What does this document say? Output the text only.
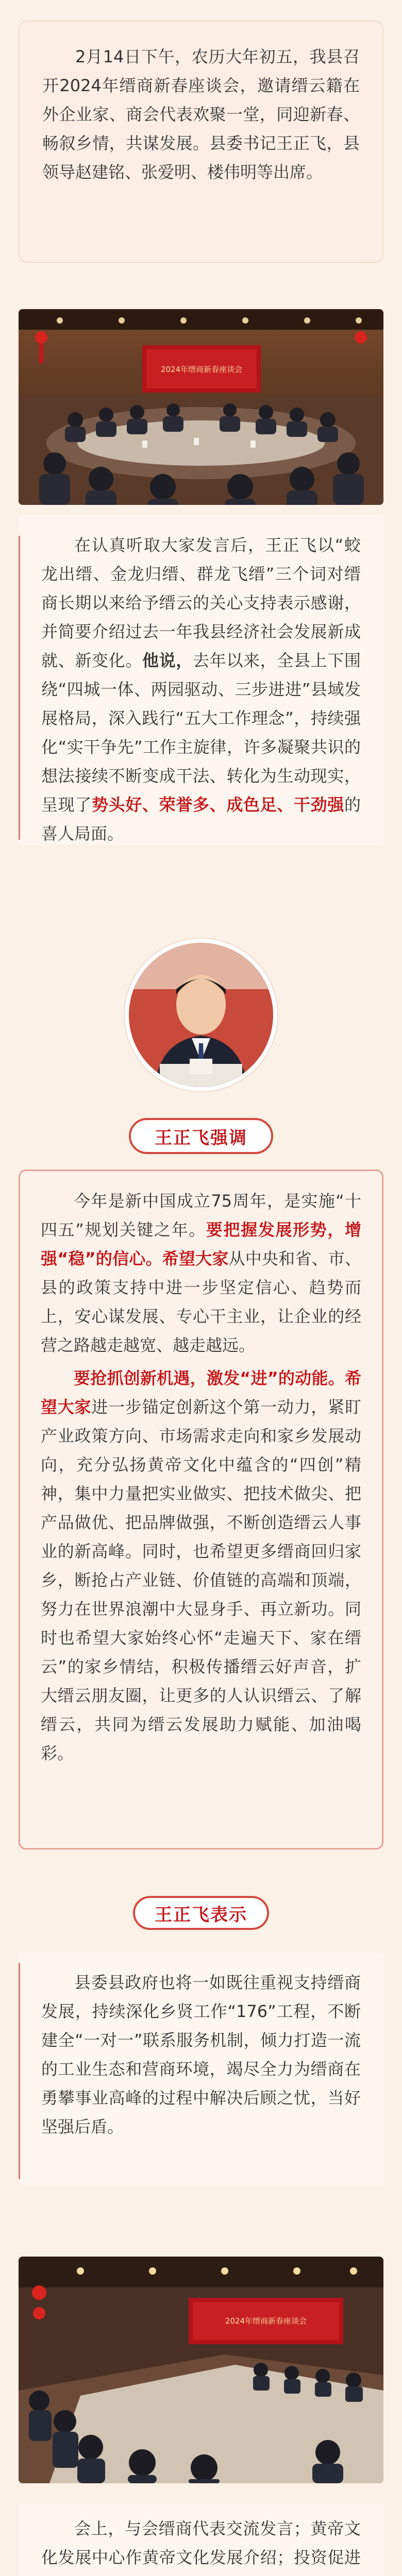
2月14日下午，农历大年初五，我县召开2024年缙商新春座谈会，邀请缙云籍在外企业家、商会代表欢聚一堂，同迎新春、畅叙乡情，共谋发展。县委书记王正飞，县领导赵建铭、张爱明、楼伟明等出席。
2024年缙商新春座谈会
在认真听取大家发言后，王正飞以“蛟龙出缙、金龙归缙、群龙飞缙”三个词对缙商长期以来给予缙云的关心支持表示感谢，并简要介绍过去一年我县经济社会发展新成就、新变化。他说，去年以来，全县上下围绕“四城一体、两园驱动、三步进进”县域发展格局，深入践行“五大工作理念”，持续强化“实干争先”工作主旋律，许多凝聚共识的想法接续不断变成干法、转化为生动现实，呈现了势头好、荣誉多、成色足、干劲强的喜人局面。
王正飞强调
今年是新中国成立75周年，是实施“十四五”规划关键之年。要把握发展形势，增强“稳”的信心。希望大家从中央和省、市、县的政策支持中进一步坚定信心、趋势而上，安心谋发展、专心干主业，让企业的经营之路越走越宽、越走越远。
要抢抓创新机遇，激发“进”的动能。希望大家进一步锚定创新这个第一动力，紧盯产业政策方向、市场需求走向和家乡发展动向，充分弘扬黄帝文化中蕴含的“四创”精神，集中力量把实业做实、把技术做尖、把产品做优、把品牌做强，不断创造缙云人事业的新高峰。同时，也希望更多缙商回归家乡，断抢占产业链、价值链的高端和顶端，努力在世界浪潮中大显身手、再立新功。同时也希望大家始终心怀“走遍天下、家在缙云”的家乡情结，积极传播缙云好声音，扩大缙云朋友圈，让更多的人认识缙云、了解缙云，共同为缙云发展助力赋能、加油喝彩。
王正飞表示
县委县政府也将一如既往重视支持缙商发展，持续深化乡贤工作“176”工程，不断建全“一对一”联系服务机制，倾力打造一流的工业生态和营商环境，竭尽全力为缙商在勇攀事业高峰的过程中解决后顾之忧，当好坚强后盾。
2024年缙商新春座谈会
会上，与会缙商代表交流发言；黄帝文化发展中心作黄帝文化发展介绍；投资促进
